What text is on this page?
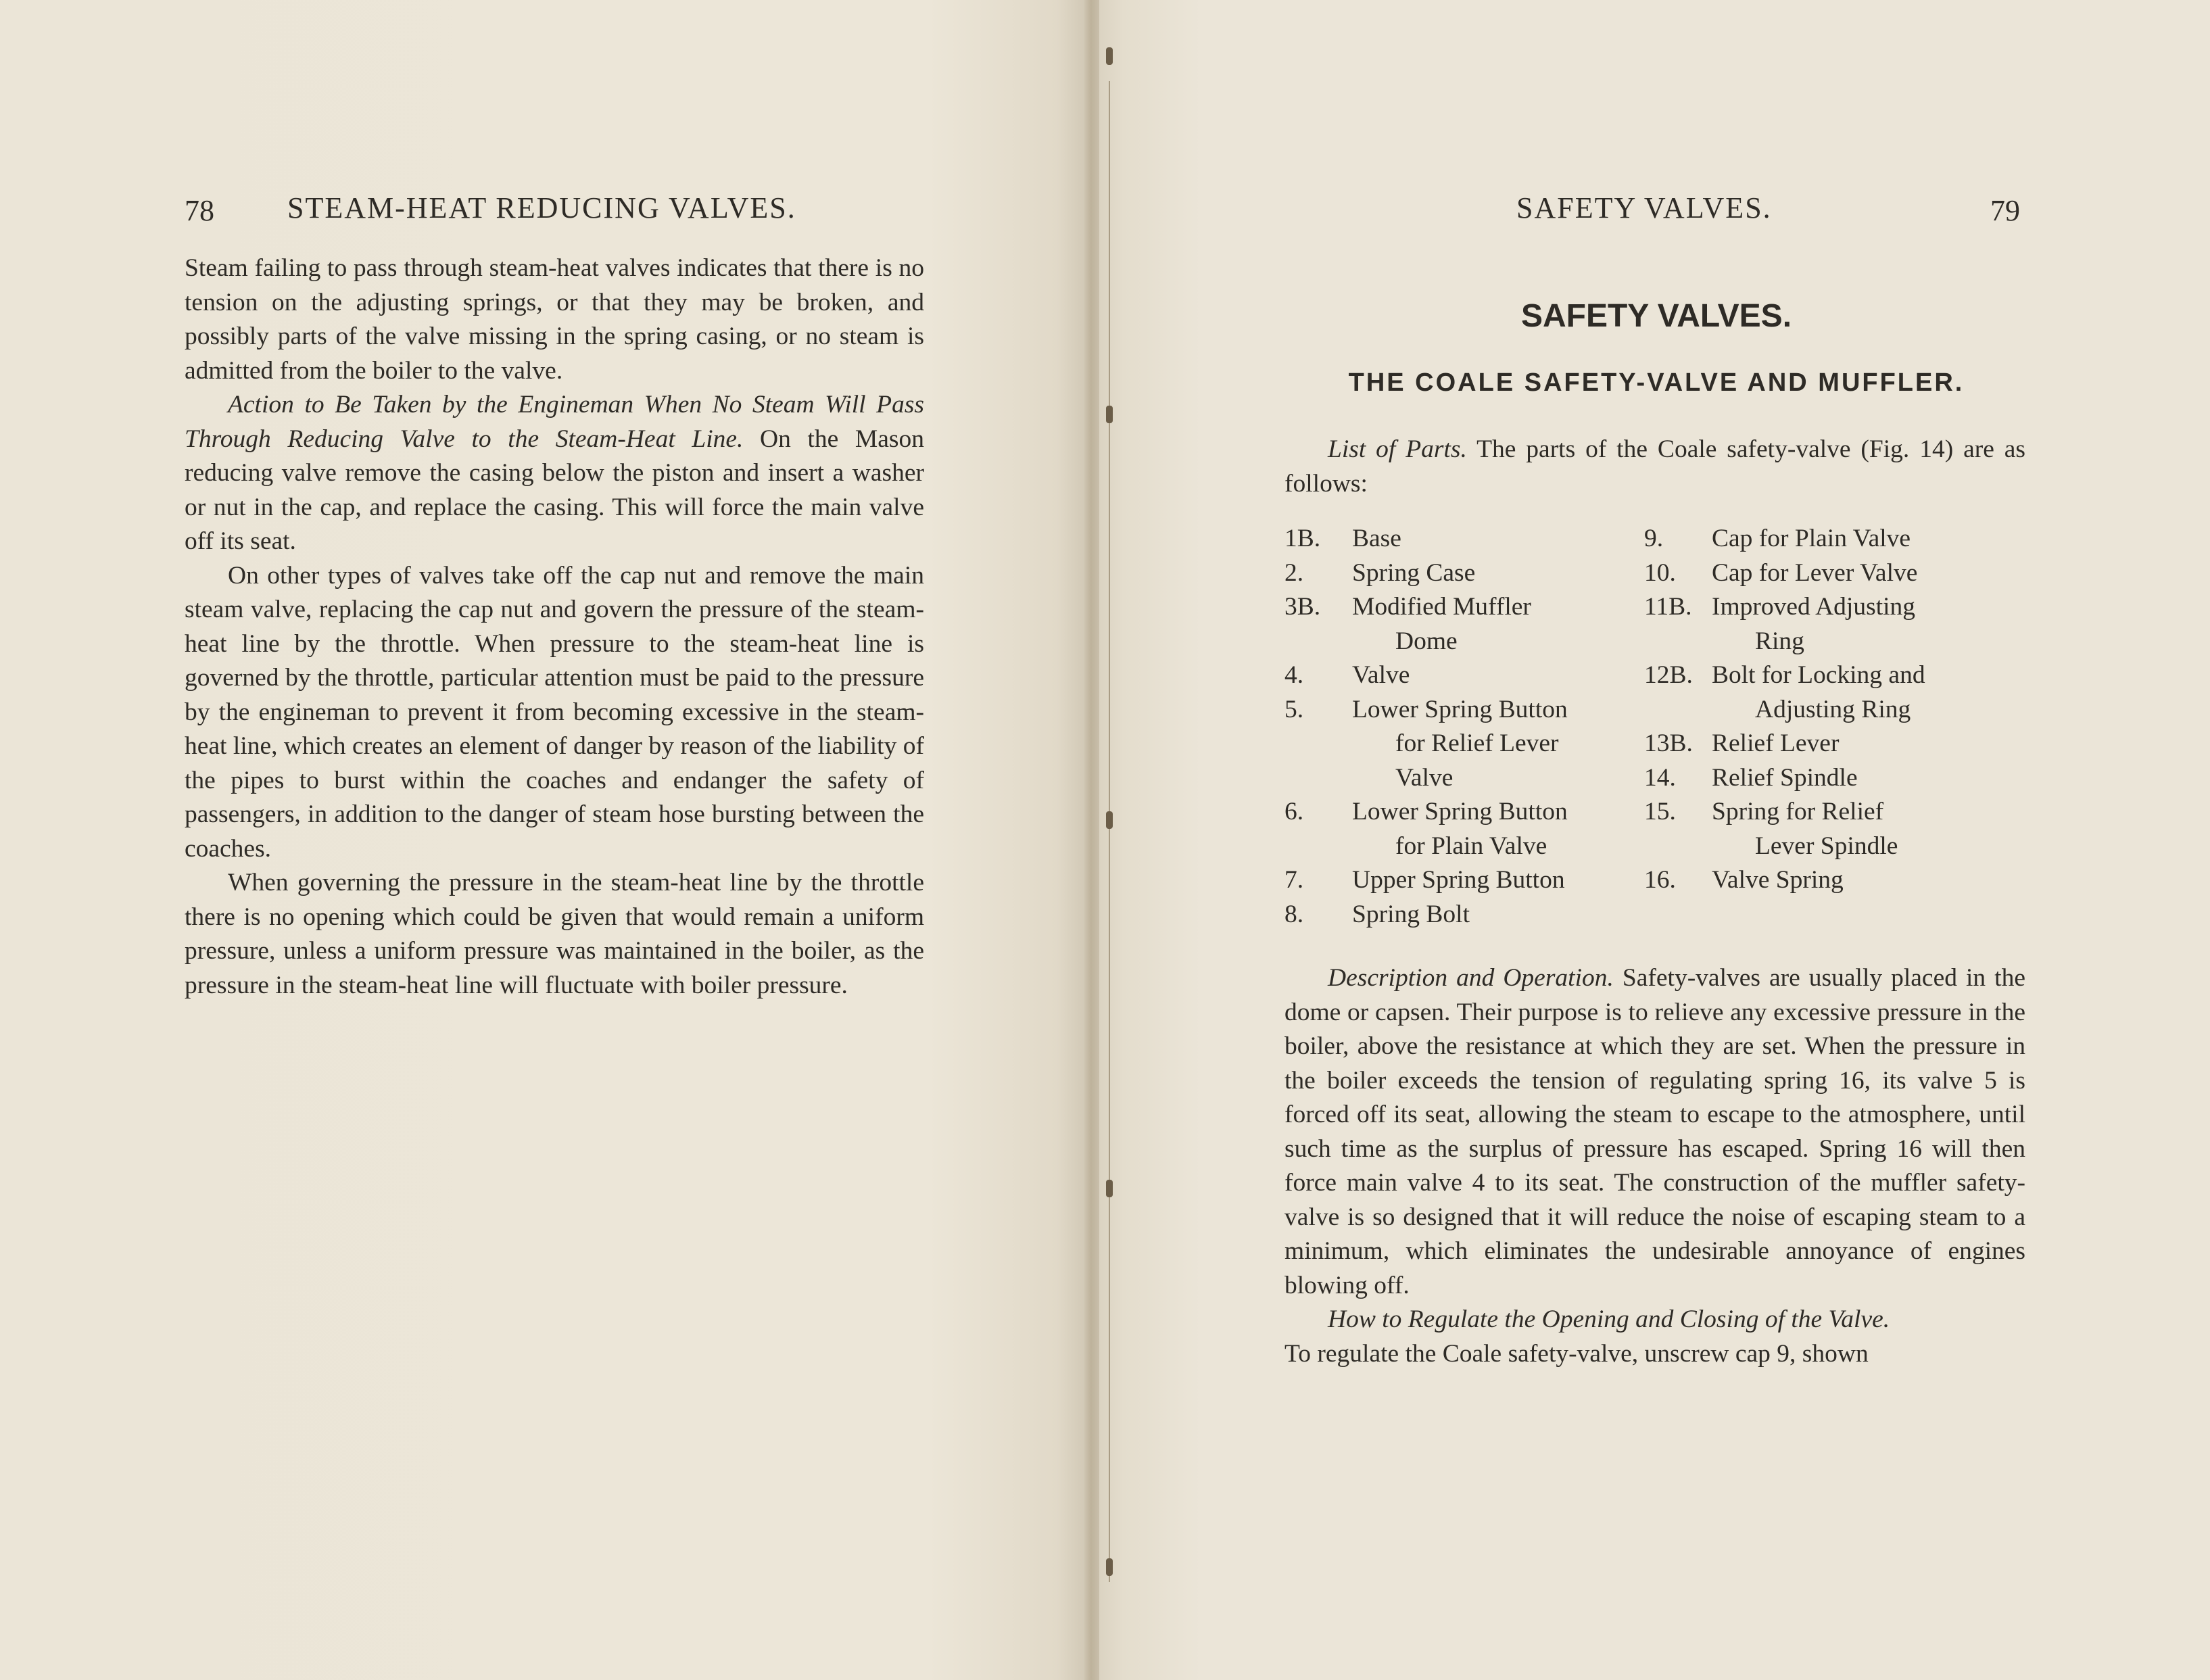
78 STEAM-HEAT REDUCING VALVES.

Steam failing to pass through steam-heat valves indicates that there is no tension on the adjusting springs, or that they may be broken, and possibly parts of the valve missing in the spring casing, or no steam is admitted from the boiler to the valve.

Action to Be Taken by the Engineman When No Steam Will Pass Through Reducing Valve to the Steam-Heat Line. On the Mason reducing valve remove the casing below the piston and insert a washer or nut in the cap, and replace the casing. This will force the main valve off its seat.

On other types of valves take off the cap nut and remove the main steam valve, replacing the cap nut and govern the pressure of the steam-heat line by the throttle. When pressure to the steam-heat line is governed by the throttle, particular attention must be paid to the pressure by the engineman to prevent it from becoming excessive in the steam-heat line, which creates an element of danger by reason of the liability of the pipes to burst within the coaches and endanger the safety of passengers, in addition to the danger of steam hose bursting between the coaches.

When governing the pressure in the steam-heat line by the throttle there is no opening which could be given that would remain a uniform pressure, unless a uniform pressure was maintained in the boiler, as the pressure in the steam-heat line will fluctuate with boiler pressure.

SAFETY VALVES.	79
SAFETY VALVES.
THE COALE SAFETY-VALVE AND MUFFLER.

List of Parts. The parts of the Coale safety-valve (Fig. 14) are as follows:

1B.	Base
2.	Spring Case
3B.	Modified Muffler
Dome
4.	Valve
5.	Lower Spring Button
for Relief Lever
Valve
6.	Lower Spring Button
for Plain Valve
7.	Upper Spring Button
8.	Spring Bolt
9.	Cap for Plain Valve
10.	Cap for Lever Valve
11B. Improved Adjusting
Ring
12B. Bolt for Locking and
Adjusting Ring
13B. Relief Lever
14.	Relief Spindle
15.	Spring for Relief
Lever Spindle
16.	Valve Spring

Description and Operation. Safety-valves are usually placed in the dome or capsen. Their purpose is to relieve any excessive pressure in the boiler, above the resistance at which they are set. When the pressure in the boiler exceeds the tension of regulating spring 16, its valve 5 is forced off its seat, allowing the steam to escape to the atmosphere, until such time as the surplus of pressure has escaped. Spring 16 will then force main valve 4 to its seat. The construction of the muffler safety-valve is so designed that it will reduce the noise of escaping steam to a minimum, which eliminates the undesirable annoyance of engines blowing off.

How to Regulate the Opening and Closing of the Valve.

To regulate the Coale safety-valve, unscrew cap 9, shown
